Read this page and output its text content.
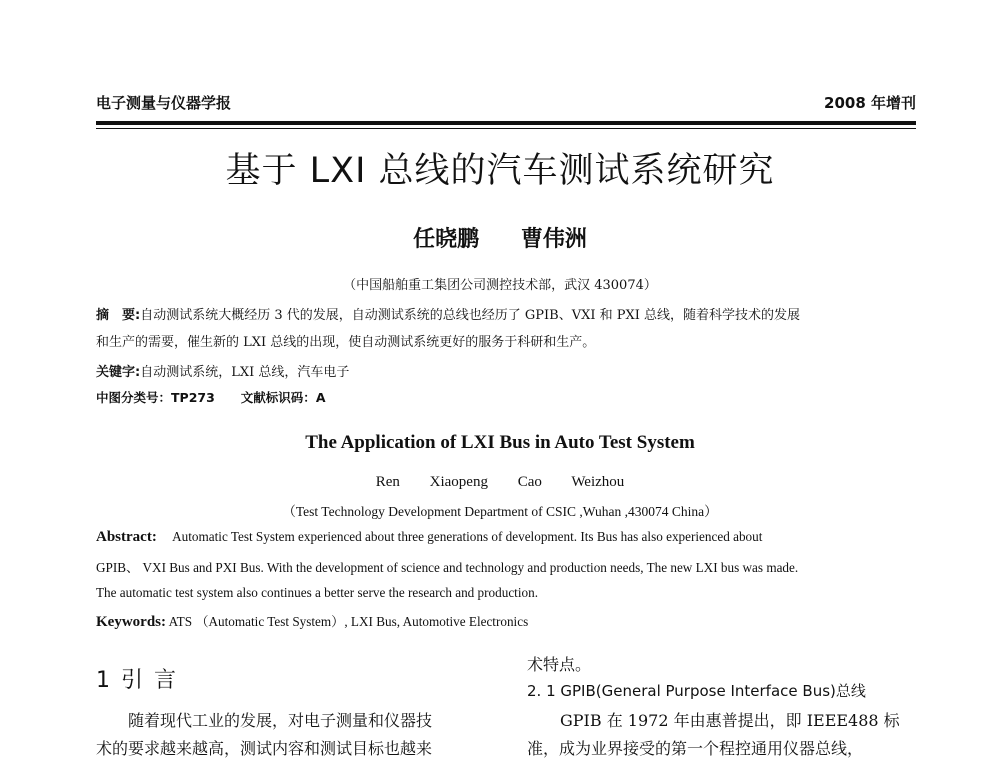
电子测量与仪器学报	2008 年增刊
基于 LXI 总线的汽车测试系统研究
任晓鹏 曹伟洲
（中国船舶重工集团公司测控技术部，武汉 430074）
摘　要:自动测试系统大概经历 3 代的发展，自动测试系统的总线也经历了 GPIB、VXI 和 PXI 总线，随着科学技术的发展
和生产的需要，催生新的 LXI 总线的出现，使自动测试系统更好的服务于科研和生产。
关键字:自动测试系统，LXI 总线，汽车电子
中图分类号：TP273 文献标识码：A
The Application of LXI Bus in Auto Test System
Ren Xiaopeng Cao Weizhou
（Test Technology Development Department of CSIC ,Wuhan ,430074 China）
Abstract: Automatic Test System experienced about three generations of development. Its Bus has also experienced about
GPIB、 VXI Bus and PXI Bus. With the development of science and technology and production needs, The new LXI bus was made.
The automatic test system also continues a better serve the research and production.
Keywords: ATS （Automatic Test System）, LXI Bus, Automotive Electronics
1 引 言
随着现代工业的发展，对电子测量和仪器技
术的要求越来越高，测试内容和测试目标也越来
术特点。
2. 1 GPIB(General Purpose Interface Bus)总线
GPIB 在 1972 年由惠普提出，即 IEEE488 标
准，成为业界接受的第一个程控通用仪器总线，
